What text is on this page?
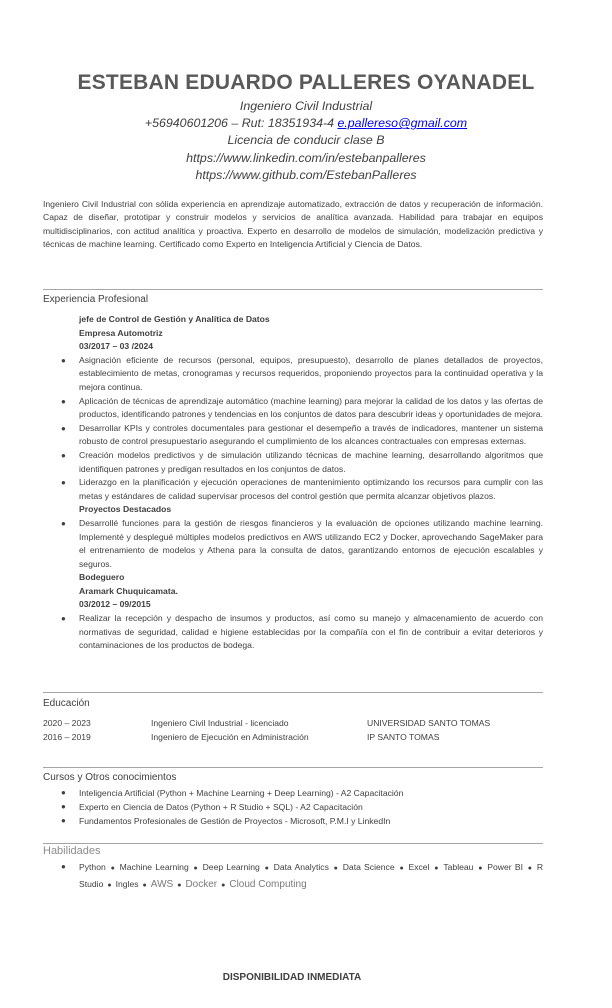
ESTEBAN EDUARDO PALLERES OYANADEL
Ingeniero Civil Industrial
+56940601206 – Rut: 18351934-4 e.pallereso@gmail.com
Licencia de conducir clase B
https://www.linkedin.com/in/estebanpalleres
https://www.github.com/EstebanPalleres
Ingeniero Civil Industrial con sólida experiencia en aprendizaje automatizado, extracción de datos y recuperación de información. Capaz de diseñar, prototipar y construir modelos y servicios de analítica avanzada. Habilidad para trabajar en equipos multidisciplinarios, con actitud analítica y proactiva. Experto en desarrollo de modelos de simulación, modelización predictiva y técnicas de machine learning. Certificado como Experto en Inteligencia Artificial y Ciencia de Datos.
Experiencia Profesional
jefe de Control de Gestión y Analítica de Datos
Empresa Automotriz
03/2017 – 03 /2024
● Asignación eficiente de recursos (personal, equipos, presupuesto), desarrollo de planes detallados de proyectos, establecimiento de metas, cronogramas y recursos requeridos, proponiendo proyectos para la continuidad operativa y la mejora continua.
● Aplicación de técnicas de aprendizaje automático (machine learning) para mejorar la calidad de los datos y las ofertas de productos, identificando patrones y tendencias en los conjuntos de datos para descubrir ideas y oportunidades de mejora.
● Desarrollar KPIs y controles documentales para gestionar el desempeño a través de indicadores, mantener un sistema robusto de control presupuestario asegurando el cumplimiento de los alcances contractuales con empresas externas.
● Creación modelos predictivos y de simulación utilizando técnicas de machine learning, desarrollando algoritmos que identifiquen patrones y predigan resultados en los conjuntos de datos.
● Liderazgo en la planificación y ejecución operaciones de mantenimiento optimizando los recursos para cumplir con las metas y estándares de calidad supervisar procesos del control gestión que permita alcanzar objetivos plazos.
Proyectos Destacados
● Desarrollé funciones para la gestión de riesgos financieros y la evaluación de opciones utilizando machine learning. Implementé y desplegué múltiples modelos predictivos en AWS utilizando EC2 y Docker, aprovechando SageMaker para el entrenamiento de modelos y Athena para la consulta de datos, garantizando entornos de ejecución escalables y seguros.
Bodeguero
Aramark Chuquicamata.
03/2012 – 09/2015
● Realizar la recepción y despacho de insumos y productos, así como su manejo y almacenamiento de acuerdo con normativas de seguridad, calidad e higiene establecidas por la compañía con el fin de contribuir a evitar deterioros y contaminaciones de los productos de bodega.
Educación
2020 – 2023	Ingeniero Civil Industrial - licenciado	UNIVERSIDAD SANTO TOMAS
2016 – 2019	Ingeniero de Ejecución en Administración	IP SANTO TOMAS
Cursos y Otros conocimientos
● Inteligencia Artificial (Python + Machine Learning + Deep Learning) - A2 Capacitación
● Experto en Ciencia de Datos (Python + R Studio + SQL) - A2 Capacitación
● Fundamentos Profesionales de Gestión de Proyectos - Microsoft, P.M.I y LinkedIn
Habilidades
● Python ● Machine Learning ● Deep Learning ● Data Analytics ● Data Science ● Excel ● Tableau ● Power BI ● R Studio ● Ingles ● AWS ● Docker ● Cloud Computing
DISPONIBILIDAD INMEDIATA
